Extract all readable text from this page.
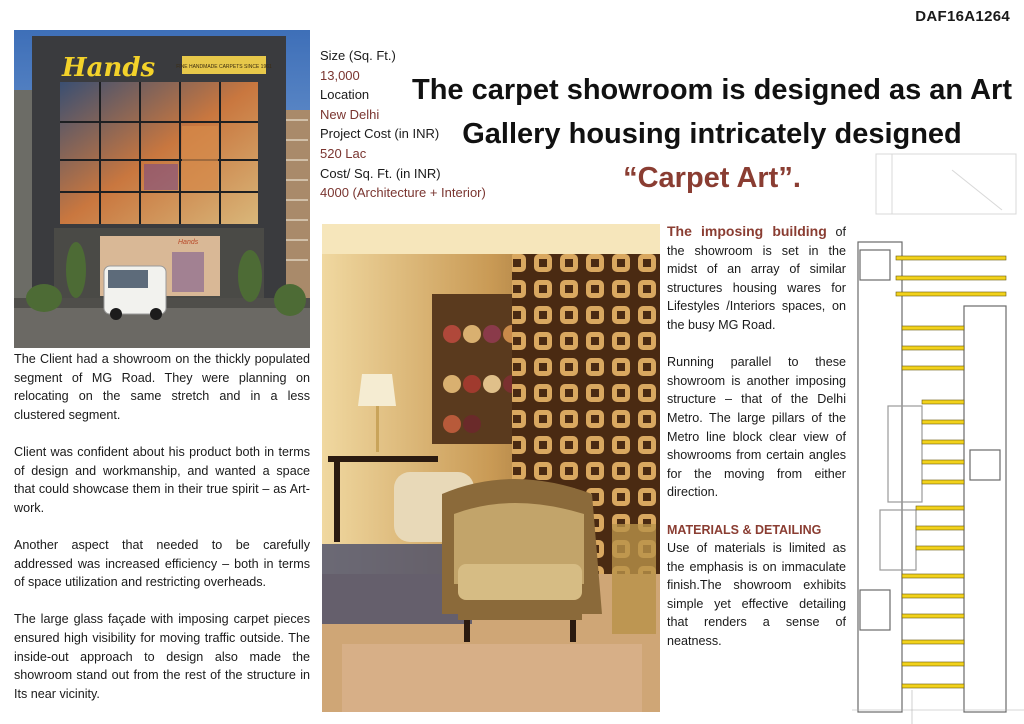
DAF16A1264
Hands	FINE HANDMADE CARPETS SINCE 1961
Hands

The Client had a showroom on the thickly populated segment of MG Road. They were planning on relocating on the same stretch and in a less clustered segment.

Client was confident about his product both in terms of design and workmanship, and wanted a space that could showcase them in their true spirit – as Art-work.

Another aspect that needed to be carefully addressed was increased efficiency – both in terms of space utilization and restricting overheads.

The large glass façade with imposing carpet pieces ensured high visibility for moving traffic outside. The inside-out approach to design also made the showroom stand out from the rest of the structure in Its near vicinity.

Size (Sq. Ft.)
13,000
Location
New Delhi
Project Cost (in INR)
520 Lac
Cost/ Sq. Ft. (in INR)
4000 (Architecture + Interior)
The carpet showroom is designed as an Art
Gallery housing intricately designed
“Carpet Art”.

The imposing building of the showroom is set in the midst of an array of similar structures housing wares for Lifestyles /Interiors spaces, on the busy MG Road.

Running parallel to these showroom is another imposing structure – that of the Delhi Metro. The large pillars of the Metro line block clear view of showrooms from certain angles for the moving from either direction.

MATERIALS & DETAILING
Use of materials is limited as the emphasis is on immaculate finish.The showroom exhibits simple yet effective detailing that renders a sense of neatness.
